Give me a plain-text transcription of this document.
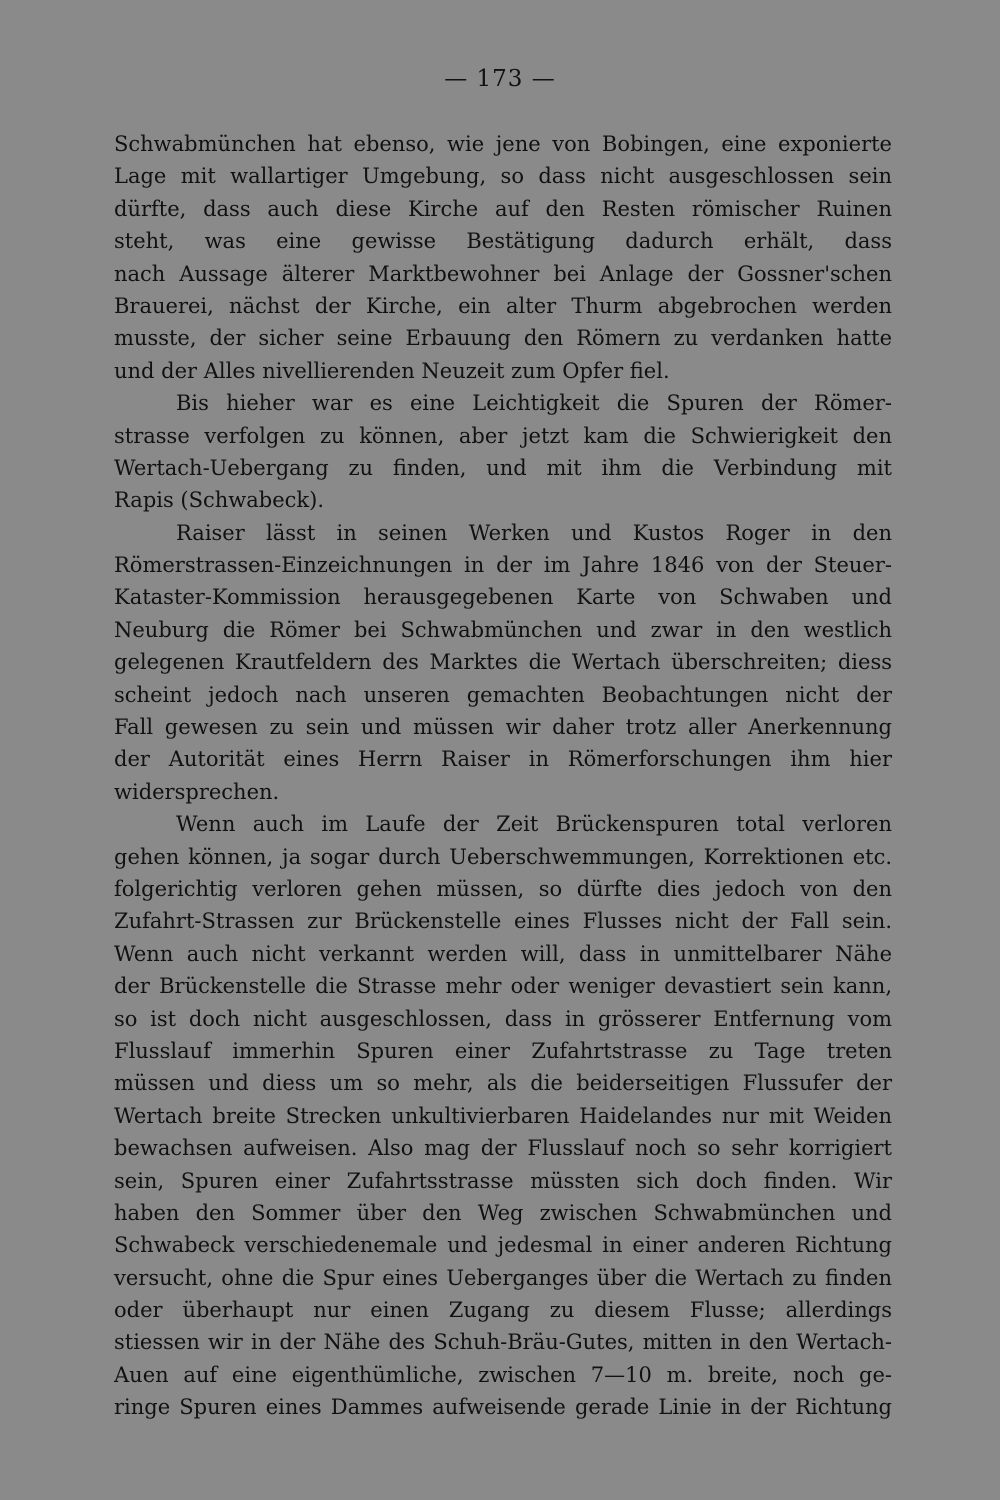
— 173 —
Schwabmünchen hat ebenso, wie jene von Bobingen, eine exponierte
Lage mit wallartiger Umgebung, so dass nicht ausgeschlossen sein
dürfte, dass auch diese Kirche auf den Resten römischer Ruinen
steht, was eine gewisse Bestätigung dadurch erhält, dass
nach Aussage älterer Marktbewohner bei Anlage der Gossner'schen
Brauerei, nächst der Kirche, ein alter Thurm abgebrochen werden
musste, der sicher seine Erbauung den Römern zu verdanken hatte
und der Alles nivellierenden Neuzeit zum Opfer fiel.
Bis hieher war es eine Leichtigkeit die Spuren der Römer-
strasse verfolgen zu können, aber jetzt kam die Schwierigkeit den
Wertach-Uebergang zu finden, und mit ihm die Verbindung mit
Rapis (Schwabeck).
Raiser lässt in seinen Werken und Kustos Roger in den
Römerstrassen-Einzeichnungen in der im Jahre 1846 von der Steuer-
Kataster-Kommission herausgegebenen Karte von Schwaben und
Neuburg die Römer bei Schwabmünchen und zwar in den westlich
gelegenen Krautfeldern des Marktes die Wertach überschreiten; diess
scheint jedoch nach unseren gemachten Beobachtungen nicht der
Fall gewesen zu sein und müssen wir daher trotz aller Anerkennung
der Autorität eines Herrn Raiser in Römerforschungen ihm hier
widersprechen.
Wenn auch im Laufe der Zeit Brückenspuren total verloren
gehen können, ja sogar durch Ueberschwemmungen, Korrektionen etc.
folgerichtig verloren gehen müssen, so dürfte dies jedoch von den
Zufahrt-Strassen zur Brückenstelle eines Flusses nicht der Fall sein.
Wenn auch nicht verkannt werden will, dass in unmittelbarer Nähe
der Brückenstelle die Strasse mehr oder weniger devastiert sein kann,
so ist doch nicht ausgeschlossen, dass in grösserer Entfernung vom
Flusslauf immerhin Spuren einer Zufahrtstrasse zu Tage treten
müssen und diess um so mehr, als die beiderseitigen Flussufer der
Wertach breite Strecken unkultivierbaren Haidelandes nur mit Weiden
bewachsen aufweisen. Also mag der Flusslauf noch so sehr korrigiert
sein, Spuren einer Zufahrtsstrasse müssten sich doch finden. Wir
haben den Sommer über den Weg zwischen Schwabmünchen und
Schwabeck verschiedenemale und jedesmal in einer anderen Richtung
versucht, ohne die Spur eines Ueberganges über die Wertach zu finden
oder überhaupt nur einen Zugang zu diesem Flusse; allerdings
stiessen wir in der Nähe des Schuh-Bräu-Gutes, mitten in den Wertach-
Auen auf eine eigenthümliche, zwischen 7—10 m. breite, noch ge-
ringe Spuren eines Dammes aufweisende gerade Linie in der Richtung
